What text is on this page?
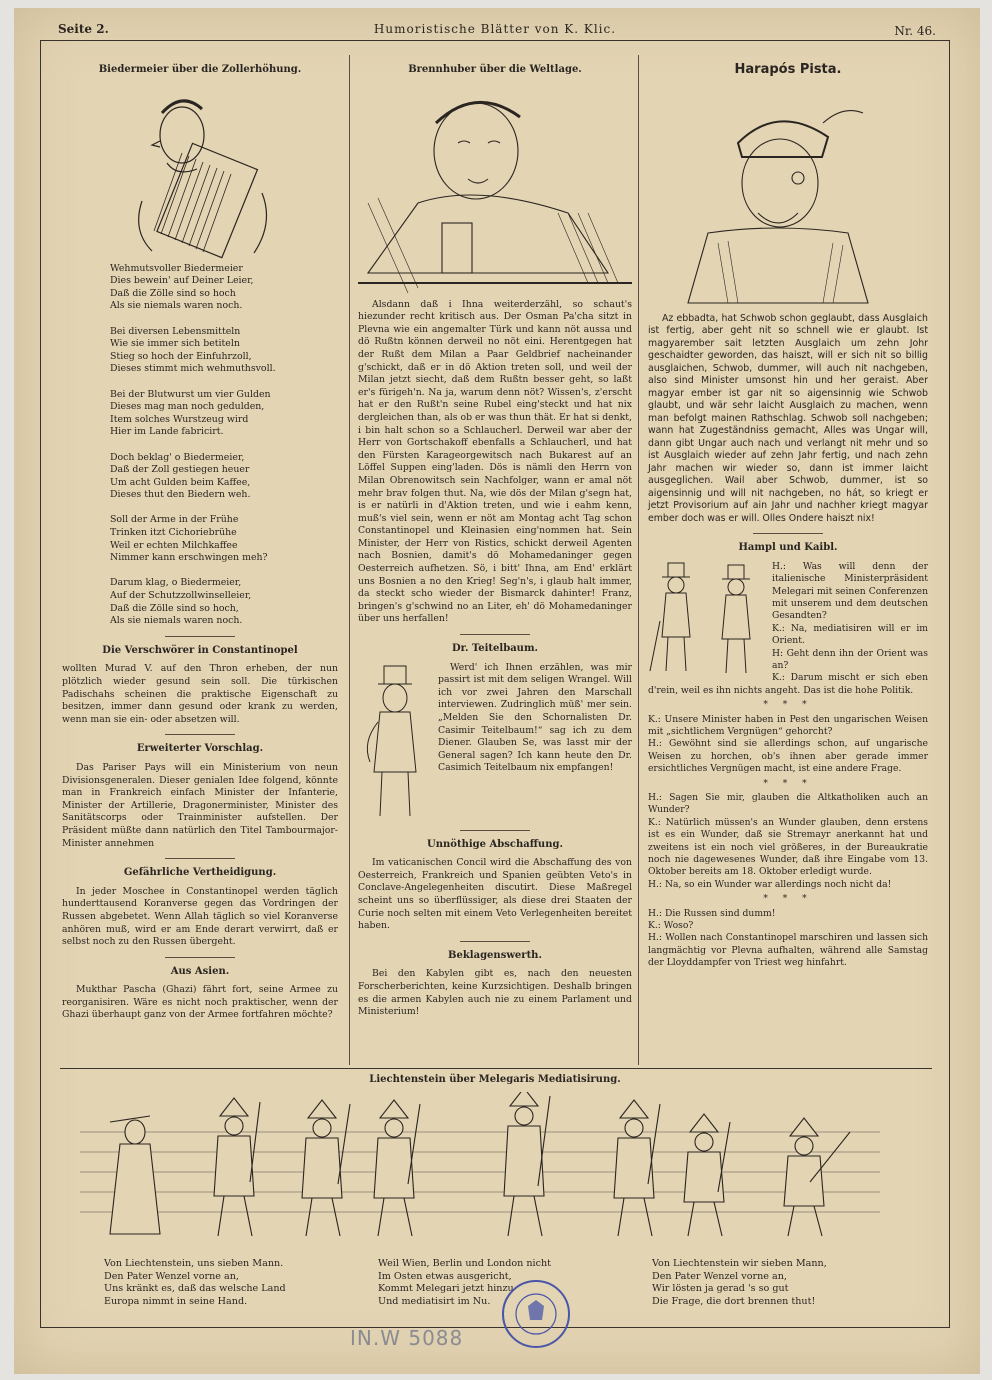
Seite 2.	Humoristische Blätter von K. Klic.	Nr. 46.

Biedermeier über die Zollerhöhung.

Wehmutsvoller Biedermeier
Dies bewein' auf Deiner Leier,
Daß die Zölle sind so hoch
Als sie niemals waren noch.

Bei diversen Lebensmitteln
Wie sie immer sich betiteln
Stieg so hoch der Einfuhrzoll,
Dieses stimmt mich wehmuthsvoll.

Bei der Blutwurst um vier Gulden
Dieses mag man noch gedulden,
Item solches Wurstzeug wird
Hier im Lande fabricirt.

Doch beklag' o Biedermeier,
Daß der Zoll gestiegen heuer
Um acht Gulden beim Kaffee,
Dieses thut den Biedern weh.

Soll der Arme in der Frühe
Trinken itzt Cichoriebrühe
Weil er echten Milchkaffee
Nimmer kann erschwingen meh?

Darum klag, o Biedermeier,
Auf der Schutzzollwinselleier,
Daß die Zölle sind so hoch,
Als sie niemals waren noch.

Die Verschwörer in Constantinopel

wollten Murad V. auf den Thron erheben, der nun plötzlich wieder gesund sein soll. Die türkischen Padischahs scheinen die praktische Eigenschaft zu besitzen, immer dann gesund oder krank zu werden, wenn man sie ein- oder absetzen will.

Erweiterter Vorschlag.

Das Pariser Pays will ein Ministerium von neun Divisionsgeneralen. Dieser genialen Idee folgend, könnte man in Frankreich einfach Minister der Infanterie, Minister der Artillerie, Dragonerminister, Minister des Sanitätscorps oder Trainminister aufstellen. Der Präsident müßte dann natürlich den Titel Tambourmajor-Minister annehmen

Gefährliche Vertheidigung.

In jeder Moschee in Constantinopel werden täglich hunderttausend Koranverse gegen das Vordringen der Russen abgebetet. Wenn Allah täglich so viel Koranverse anhören muß, wird er am Ende derart verwirrt, daß er selbst noch zu den Russen übergeht.

Aus Asien.

Mukthar Pascha (Ghazi) fährt fort, seine Armee zu reorganisiren. Wäre es nicht noch praktischer, wenn der Ghazi überhaupt ganz von der Armee fortfahren möchte?

Brennhuber über die Weltlage.

Alsdann daß i Ihna weiterderzähl, so schaut's hiezunder recht kritisch aus. Der Osman Pa'cha sitzt in Plevna wie ein angemalter Türk und kann nöt aussa und dö Rußtn können derweil no nöt eini. Herentgegen hat der Rußt dem Milan a Paar Geldbrief nacheinander g'schickt, daß er in dö Aktion treten soll, und weil der Milan jetzt siecht, daß dem Rußtn besser geht, so laßt er's fürigeh'n. Na ja, warum denn nöt? Wissen's, z'erscht hat er den Rußt'n seine Rubel eing'steckt und hat nix dergleichen than, als ob er was thun thät. Er hat si denkt, i bin halt schon so a Schlaucherl. Derweil war aber der Herr von Gortschakoff ebenfalls a Schlaucherl, und hat den Fürsten Karageorgewitsch nach Bukarest auf an Löffel Suppen eing'laden. Dös is nämli den Herrn von Milan Obrenowitsch sein Nachfolger, wann er amal nöt mehr brav folgen thut. Na, wie dös der Milan g'segn hat, is er natürli in d'Aktion treten, und wie i eahm kenn, muß's viel sein, wenn er nöt am Montag acht Tag schon Constantinopel und Kleinasien eing'nommen hat. Sein Minister, der Herr von Ristics, schickt derweil Agenten nach Bosnien, damit's dö Mohamedaninger gegen Oesterreich aufhetzen. Sö, i bitt' Ihna, am End' erklärt uns Bosnien a no den Krieg! Seg'n's, i glaub halt immer, da steckt scho wieder der Bismarck dahinter! Franz, bringen's g'schwind no an Liter, eh' dö Mohamedaninger über uns herfallen!

Dr. Teitelbaum.

Werd' ich Ihnen erzählen, was mir passirt ist mit dem seligen Wrangel. Will ich vor zwei Jahren den Marschall interviewen. Zudringlich müß' mer sein. „Melden Sie den Schornalisten Dr. Casimir Teitelbaum!“ sag ich zu dem Diener. Glauben Se, was lasst mir der General sagen? Ich kann heute den Dr. Casimich Teitelbaum nix empfangen!

Unnöthige Abschaffung.

Im vaticanischen Concil wird die Abschaffung des von Oesterreich, Frankreich und Spanien geübten Veto's in Conclave-Angelegenheiten discutirt. Diese Maßregel scheint uns so überflüssiger, als diese drei Staaten der Curie noch selten mit einem Veto Verlegenheiten bereitet haben.

Beklagenswerth.

Bei den Kabylen gibt es, nach den neuesten Forscherberichten, keine Kurzsichtigen. Deshalb bringen es die armen Kabylen auch nie zu einem Parlament und Ministerium!

Harapós Pista.

Az ebbadta, hat Schwob schon geglaubt, dass Ausglaich ist fertig, aber geht nit so schnell wie er glaubt. Ist magyarember sait letzten Ausglaich um zehn Johr geschaidter geworden, das haiszt, will er sich nit so billig ausglaichen, Schwob, dummer, will auch nit nachgeben, also sind Minister umsonst hin und her geraist. Aber magyar ember ist gar nit so aigensinnig wie Schwob glaubt, und wär sehr laicht Ausglaich zu machen, wenn man befolgt mainen Rathschlag. Schwob soll nachgeben; wann hat Zugeständniss gemacht, Alles was Ungar will, dann gibt Ungar auch nach und verlangt nit mehr und so ist Ausglaich wieder auf zehn Jahr fertig, und nach zehn Jahr machen wir wieder so, dann ist immer laicht ausgeglichen. Wail aber Schwob, dummer, ist so aigensinnig und will nit nachgeben, no hát, so kriegt er jetzt Provisorium auf ain Jahr und nachher kriegt magyar ember doch was er will. Olles Ondere haiszt nix!

Hampl und Kaibl.

H.: Was will denn der italienische Ministerpräsident Melegari mit seinen Conferenzen mit unserem und dem deutschen Gesandten?

K.: Na, mediatisiren will er im Orient.

H: Geht denn ihn der Orient was an?

K.: Darum mischt er sich eben d'rein, weil es ihn nichts angeht. Das ist die hohe Politik.

* * *

K.: Unsere Minister haben in Pest den ungarischen Weisen mit „sichtlichem Vergnügen“ gehorcht?

H.: Gewöhnt sind sie allerdings schon, auf ungarische Weisen zu horchen, ob's ihnen aber gerade immer ersichtliches Vergnügen macht, ist eine andere Frage.

* * *

H.: Sagen Sie mir, glauben die Altkatholiken auch an Wunder?

K.: Natürlich müssen's an Wunder glauben, denn erstens ist es ein Wunder, daß sie Stremayr anerkannt hat und zweitens ist ein noch viel größeres, in der Bureaukratie noch nie dagewesenes Wunder, daß ihre Eingabe vom 13. Oktober bereits am 18. Oktober erledigt wurde.

H.: Na, so ein Wunder war allerdings noch nicht da!

* * *

H.: Die Russen sind dumm!

K.: Woso?

H.: Wollen nach Constantinopel marschiren und lassen sich langmächtig vor Plevna aufhalten, während alle Samstag der Lloyddampfer von Triest weg hinfahrt.

Liechtenstein über Melegaris Mediatisirung.
Von Liechtenstein, uns sieben Mann.
Den Pater Wenzel vorne an,
Uns kränkt es, daß das welsche Land
Europa nimmt in seine Hand.
Weil Wien, Berlin und London nicht
Im Osten etwas ausgericht,
Kommt Melegari jetzt hinzu
Und mediatisirt im Nu.
Von Liechtenstein wir sieben Mann,
Den Pater Wenzel vorne an,
Wir lösten ja gerad 's so gut
Die Frage, die dort brennen thut!
IN.W 5088
